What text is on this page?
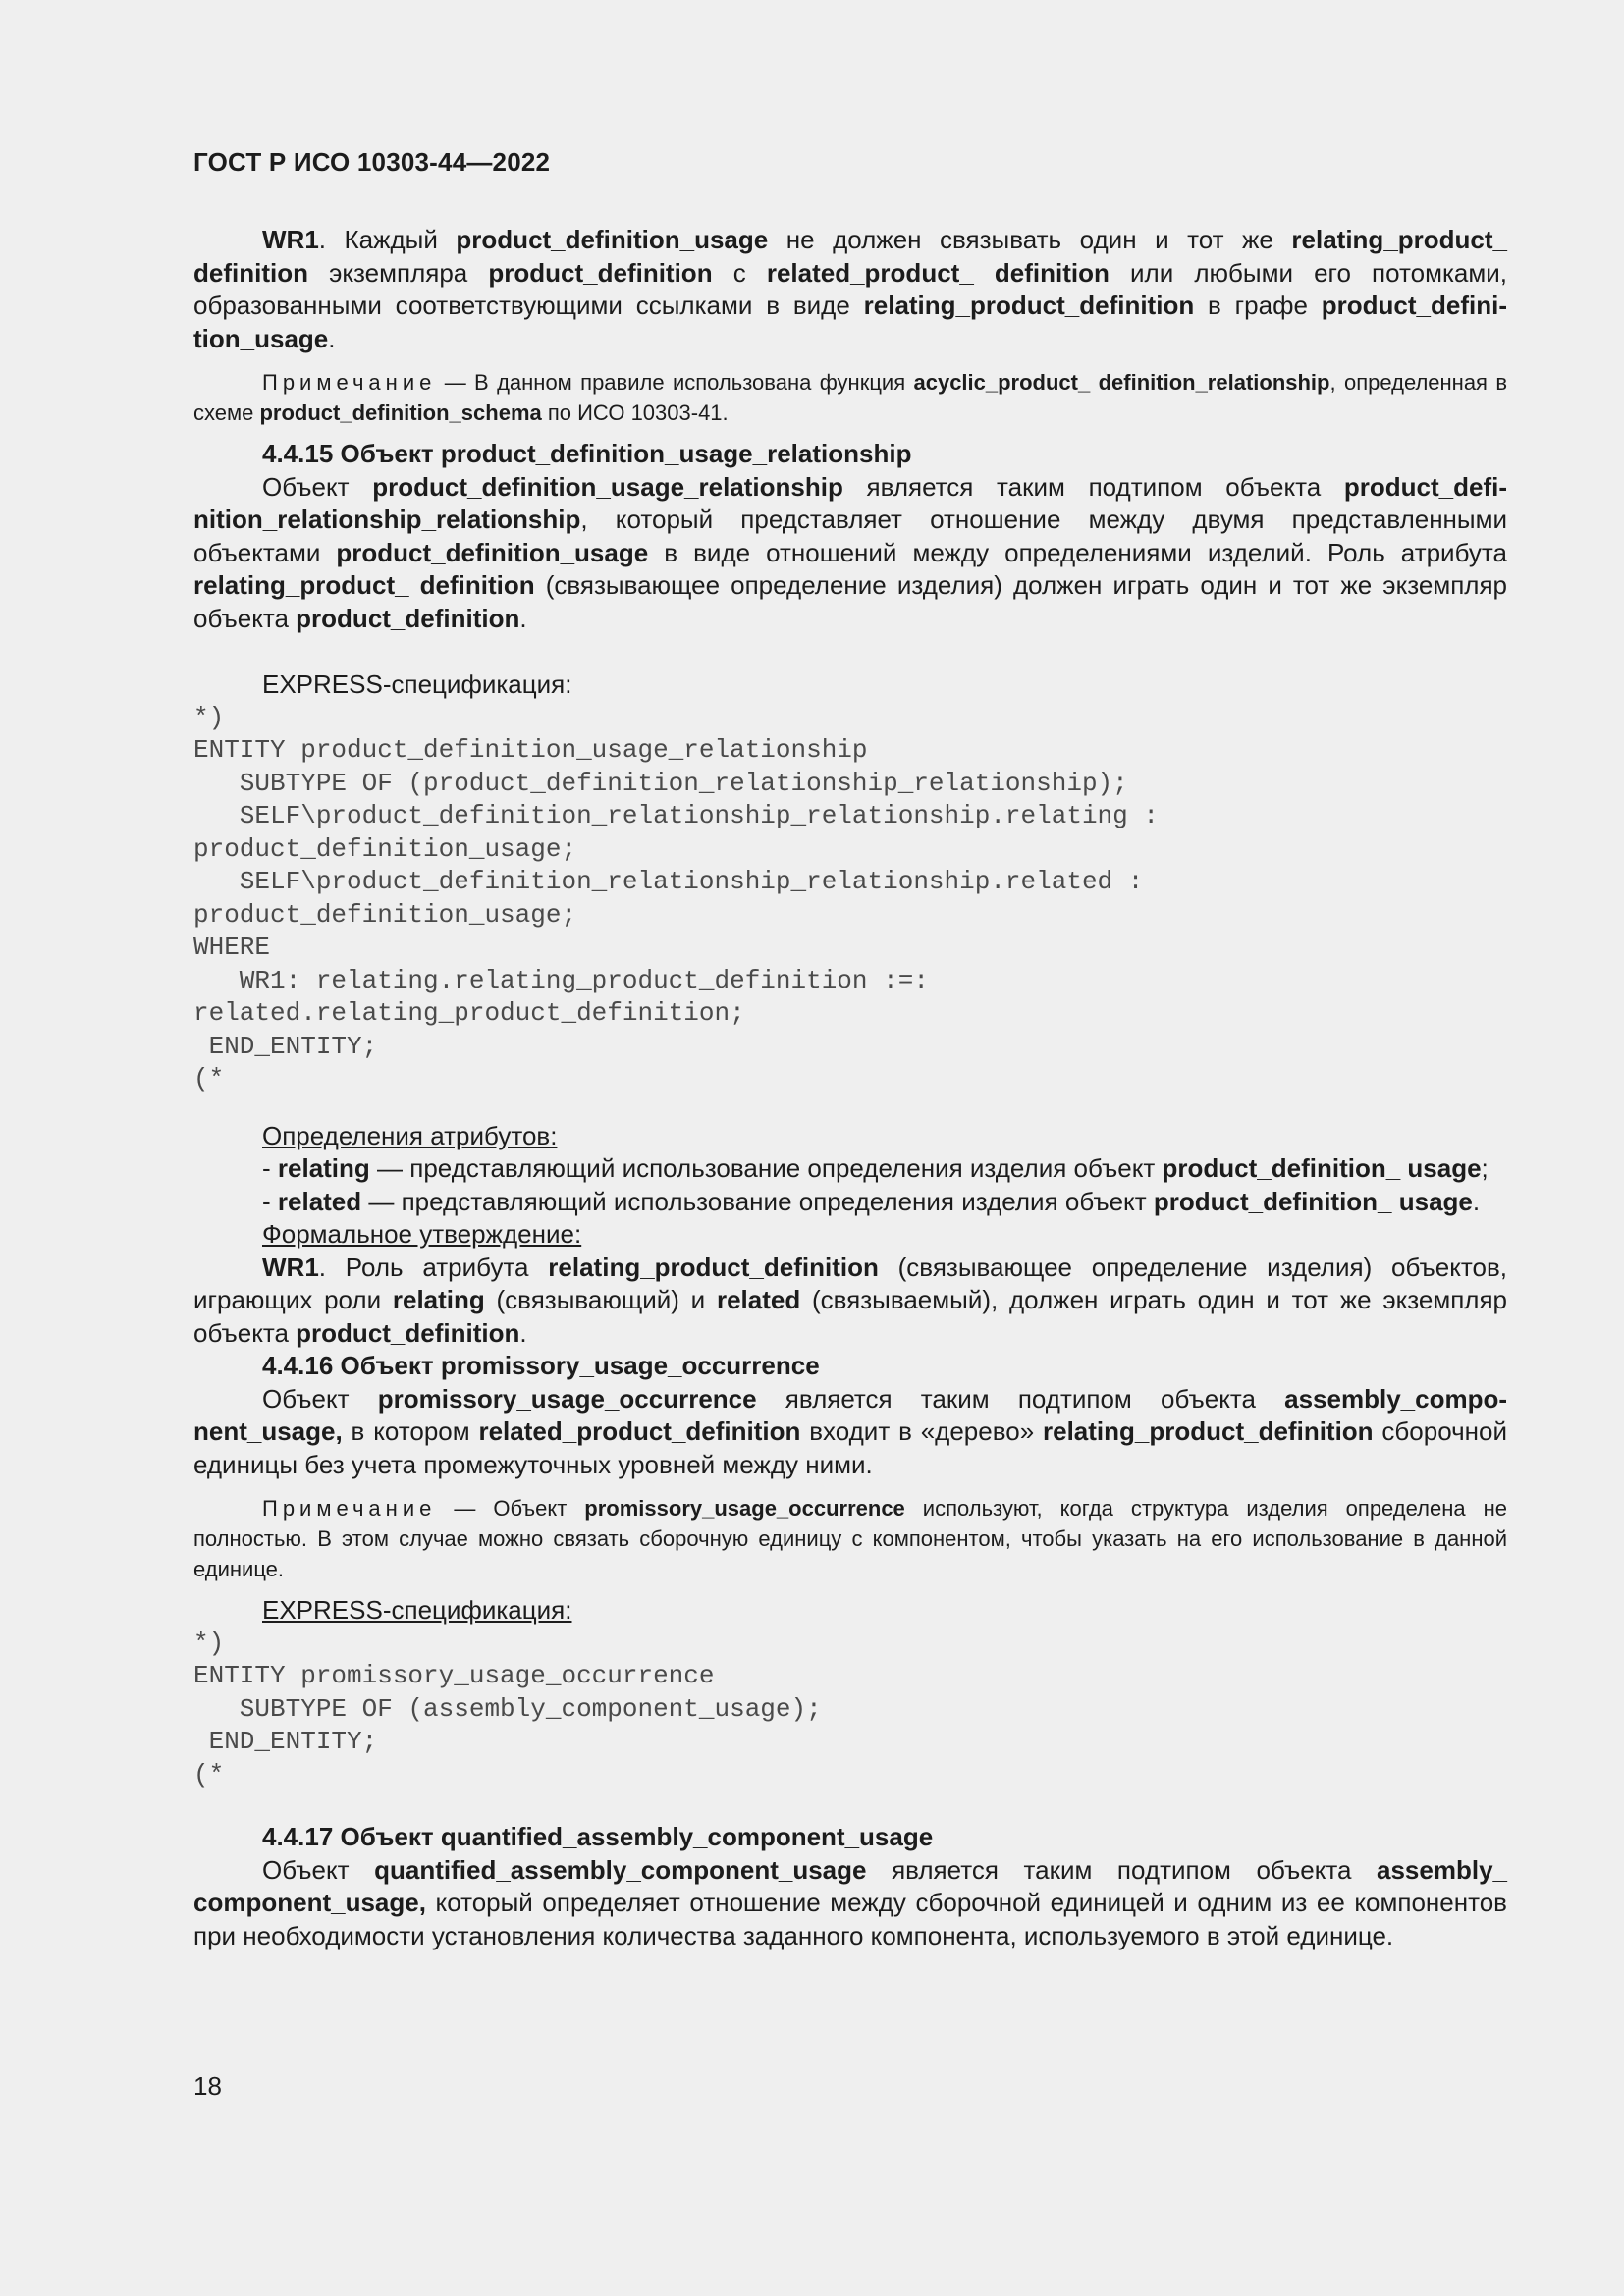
ГОСТ Р ИСО 10303-44—2022

WR1. Каждый product_definition_usage не должен связывать один и тот же relating_product_ definition экземпляра product_definition с related_product_ definition или любыми его потомками, образованными соответствующими ссылками в виде relating_product_definition в графе product_definition_usage.

Примечание — В данном правиле использована функция acyclic_product_ definition_relationship, определенная в схеме product_definition_schema по ИСО 10303-41.

4.4.15 Объект product_definition_usage_relationship

Объект product_definition_usage_relationship является таким подтипом объекта product_definition_relationship_relationship, который представляет отношение между двумя представленными объектами product_definition_usage в виде отношений между определениями изделий. Роль атрибута relating_product_ definition (связывающее определение изделия) должен играть один и тот же экземпляр объекта product_definition.

EXPRESS-спецификация:

*)
ENTITY product_definition_usage_relationship
SUBTYPE OF (product_definition_relationship_relationship);
SELF\product_definition_relationship_relationship.relating :
product_definition_usage;
SELF\product_definition_relationship_relationship.related :
product_definition_usage;
WHERE
WR1: relating.relating_product_definition :=:
related.relating_product_definition;
END_ENTITY;
(*

Определения атрибутов:

- relating — представляющий использование определения изделия объект product_definition_ usage;

- related — представляющий использование определения изделия объект product_definition_ usage.

Формальное утверждение:

WR1. Роль атрибута relating_product_definition (связывающее определение изделия) объектов, играющих роли relating (связывающий) и related (связываемый), должен играть один и тот же экземпляр объекта product_definition.

4.4.16 Объект promissory_usage_occurrence

Объект promissory_usage_occurrence является таким подтипом объекта assembly_component_usage, в котором related_product_definition входит в «дерево» relating_product_definition сборочной единицы без учета промежуточных уровней между ними.

Примечание — Объект promissory_usage_occurrence используют, когда структура изделия определена не полностью. В этом случае можно связать сборочную единицу с компонентом, чтобы указать на его использование в данной единице.

EXPRESS-спецификация:

*)
ENTITY promissory_usage_occurrence
SUBTYPE OF (assembly_component_usage);
END_ENTITY;
(*

4.4.17 Объект quantified_assembly_component_usage

Объект quantified_assembly_component_usage является таким подтипом объекта assembly_ component_usage, который определяет отношение между сборочной единицей и одним из ее компонентов при необходимости установления количества заданного компонента, используемого в этой единице.

18
